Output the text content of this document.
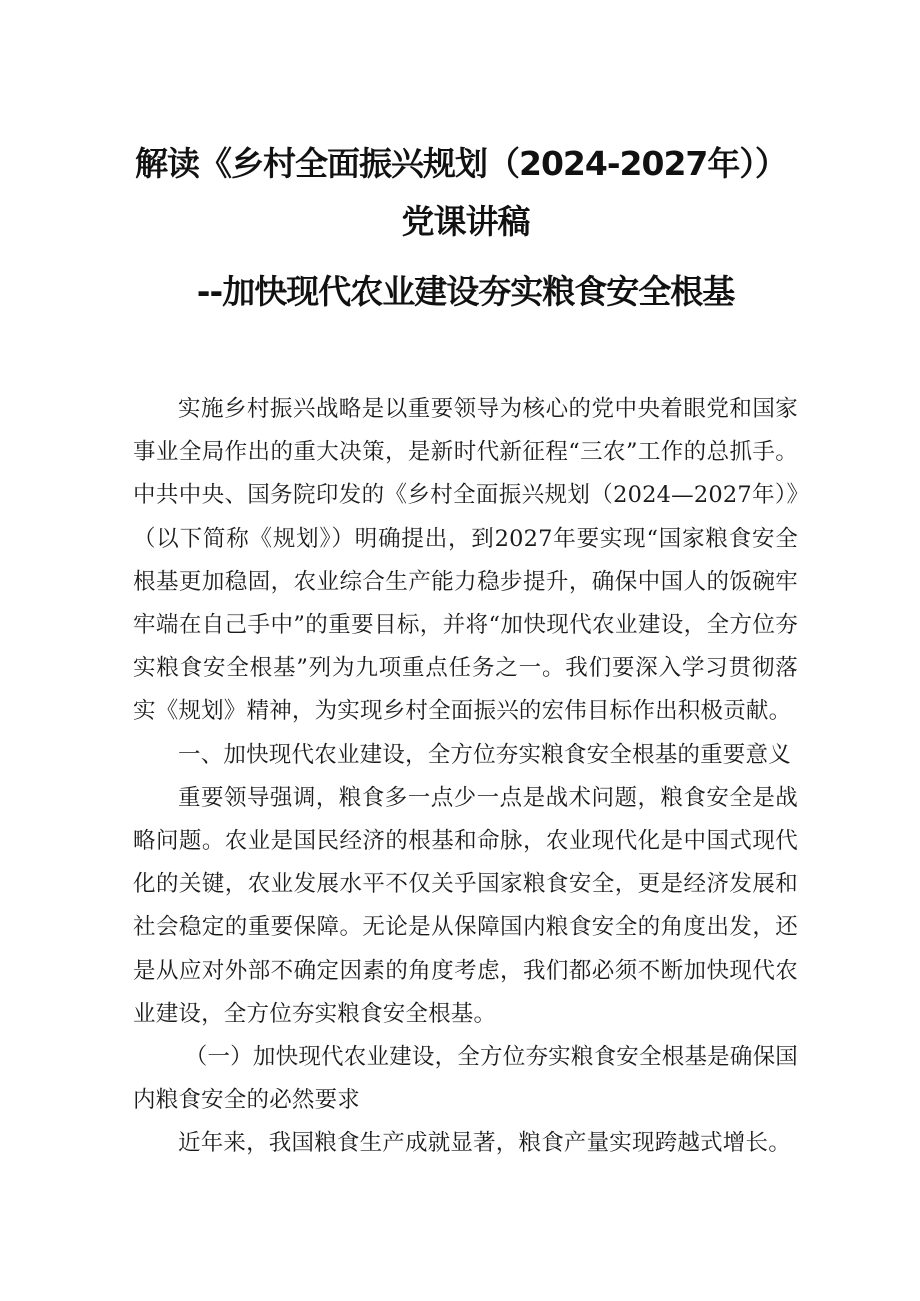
解读《乡村全面振兴规划（2024-2027年））
党课讲稿
--加快现代农业建设夯实粮食安全根基

实施乡村振兴战略是以重要领导为核心的党中央着眼党和国家事业全局作出的重大决策，是新时代新征程“三农”工作的总抓手。中共中央、国务院印发的《乡村全面振兴规划（2024—2027年）》（以下简称《规划》）明确提出，到2027年要实现“国家粮食安全根基更加稳固，农业综合生产能力稳步提升，确保中国人的饭碗牢牢端在自己手中”的重要目标，并将“加快现代农业建设，全方位夯实粮食安全根基”列为九项重点任务之一。我们要深入学习贯彻落实《规划》精神，为实现乡村全面振兴的宏伟目标作出积极贡献。

一、加快现代农业建设，全方位夯实粮食安全根基的重要意义

重要领导强调，粮食多一点少一点是战术问题，粮食安全是战略问题。农业是国民经济的根基和命脉，农业现代化是中国式现代化的关键，农业发展水平不仅关乎国家粮食安全，更是经济发展和社会稳定的重要保障。无论是从保障国内粮食安全的角度出发，还是从应对外部不确定因素的角度考虑，我们都必须不断加快现代农业建设，全方位夯实粮食安全根基。

（一）加快现代农业建设，全方位夯实粮食安全根基是确保国内粮食安全的必然要求

近年来，我国粮食生产成就显著，粮食产量实现跨越式增长。
